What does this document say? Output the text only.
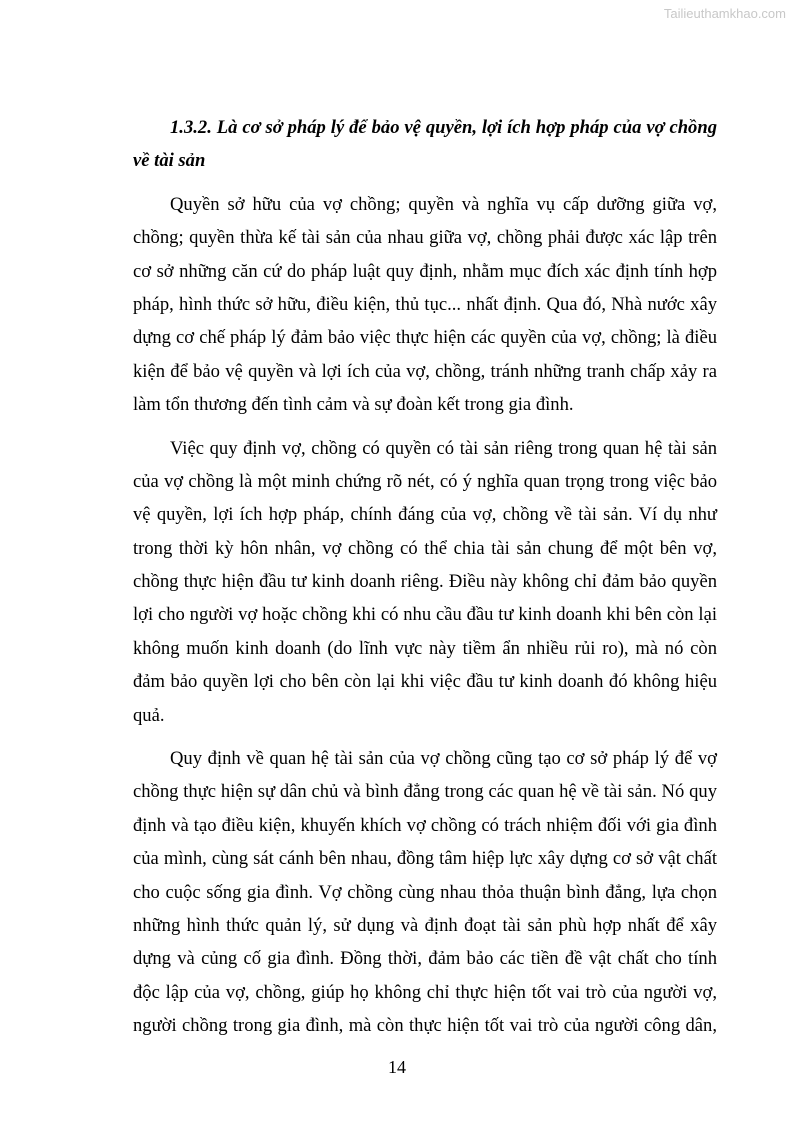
Tailieuthamkhao.com
1.3.2. Là cơ sở pháp lý để bảo vệ quyền, lợi ích hợp pháp của vợ chồng
về tài sản
Quyền sở hữu của vợ chồng; quyền và nghĩa vụ cấp dưỡng giữa vợ,
chồng; quyền thừa kế tài sản của nhau giữa vợ, chồng phải được xác lập trên
cơ sở những căn cứ do pháp luật quy định, nhằm mục đích xác định tính hợp
pháp, hình thức sở hữu, điều kiện, thủ tục... nhất định. Qua đó, Nhà nước xây
dựng cơ chế pháp lý đảm bảo việc thực hiện các quyền của vợ, chồng; là điều
kiện để bảo vệ quyền và lợi ích của vợ, chồng, tránh những tranh chấp xảy ra
làm tổn thương đến tình cảm và sự đoàn kết trong gia đình.
Việc quy định vợ, chồng có quyền có tài sản riêng trong quan hệ tài sản
của vợ chồng là một minh chứng rõ nét, có ý nghĩa quan trọng trong việc bảo
vệ quyền, lợi ích hợp pháp, chính đáng của vợ, chồng về tài sản. Ví dụ như
trong thời kỳ hôn nhân, vợ chồng có thể chia tài sản chung để một bên vợ,
chồng thực hiện đầu tư kinh doanh riêng. Điều này không chỉ đảm bảo quyền
lợi cho người vợ hoặc chồng khi có nhu cầu đầu tư kinh doanh khi bên còn lại
không muốn kinh doanh (do lĩnh vực này tiềm ẩn nhiều rủi ro), mà nó còn
đảm bảo quyền lợi cho bên còn lại khi việc đầu tư kinh doanh đó không hiệu
quả.
Quy định về quan hệ tài sản của vợ chồng cũng tạo cơ sở pháp lý để vợ
chồng thực hiện sự dân chủ và bình đẳng trong các quan hệ về tài sản. Nó quy
định và tạo điều kiện, khuyến khích vợ chồng có trách nhiệm đối với gia đình
của mình, cùng sát cánh bên nhau, đồng tâm hiệp lực xây dựng cơ sở vật chất
cho cuộc sống gia đình. Vợ chồng cùng nhau thỏa thuận bình đẳng, lựa chọn
những hình thức quản lý, sử dụng và định đoạt tài sản phù hợp nhất để xây
dựng và củng cố gia đình. Đồng thời, đảm bảo các tiền đề vật chất cho tính
độc lập của vợ, chồng, giúp họ không chỉ thực hiện tốt vai trò của người vợ,
người chồng trong gia đình, mà còn thực hiện tốt vai trò của người công dân,
14
